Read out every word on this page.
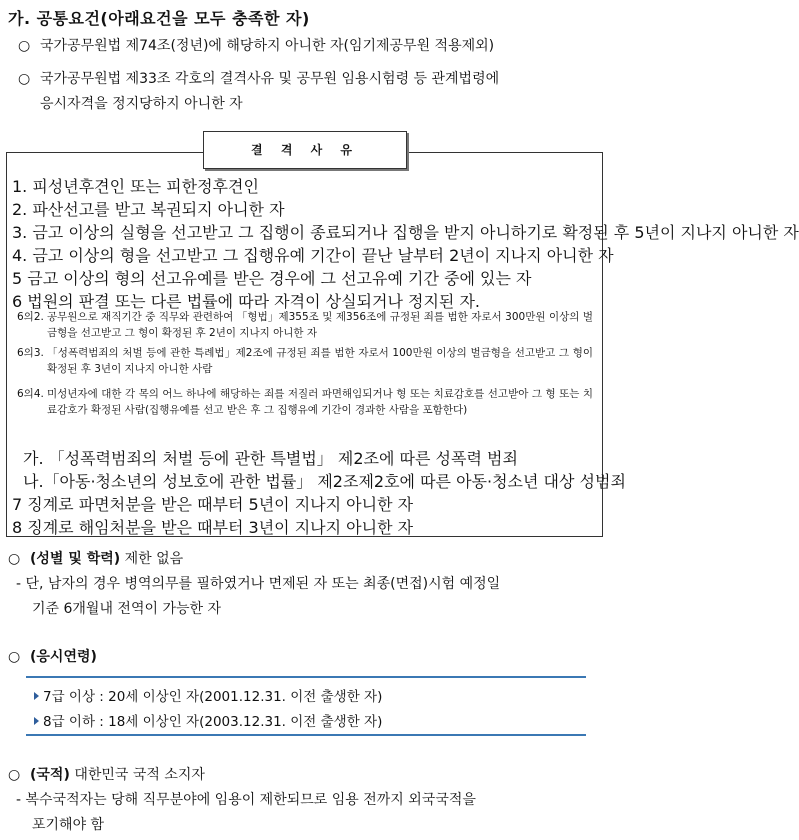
가. 공통요건(아래요건을 모두 충족한 자)
○ 국가공무원법 제74조(정년)에 해당하지 아니한 자(임기제공무원 적용제외)
○ 국가공무원법 제33조 각호의 결격사유 및 공무원 임용시험령 등 관계법령에
응시자격을 정지당하지 아니한 자
결 격 사 유
1. 피성년후견인 또는 피한정후견인
2. 파산선고를 받고 복권되지 아니한 자
3. 금고 이상의 실형을 선고받고 그 집행이 종료되거나 집행을 받지 아니하기로 확정된 후 5년이 지나지 아니한 자
4. 금고 이상의 형을 선고받고 그 집행유예 기간이 끝난 날부터 2년이 지나지 아니한 자
5 금고 이상의 형의 선고유예를 받은 경우에 그 선고유예 기간 중에 있는 자
6 법원의 판결 또는 다른 법률에 따라 자격이 상실되거나 정지된 자.
6의2. 공무원으로 재직기간 중 직무와 관련하여 「형법」제355조 및 제356조에 규정된 죄를 범한 자로서 300만원 이상의 벌금형을 선고받고 그 형이 확정된 후 2년이 지나지 아니한 자
6의3. 「성폭력범죄의 처벌 등에 관한 특례법」제2조에 규정된 죄를 범한 자로서 100만원 이상의 벌금형을 선고받고 그 형이 확정된 후 3년이 지나지 아니한 사람
6의4. 미성년자에 대한 각 목의 어느 하나에 해당하는 죄를 저질러 파면해임되거나 형 또는 치료감호를 선고받아 그 형 또는 치료감호가 확정된 사람(집행유예를 선고 받은 후 그 집행유예 기간이 경과한 사람을 포함한다)
가. 「성폭력범죄의 처벌 등에 관한 특별법」 제2조에 따른 성폭력 범죄
나.「아동·청소년의 성보호에 관한 법률」 제2조제2호에 따른 아동·청소년 대상 성범죄
7 징계로 파면처분을 받은 때부터 5년이 지나지 아니한 자
8 징계로 해임처분을 받은 때부터 3년이 지나지 아니한 자
○ (성별 및 학력) 제한 없음
- 단, 남자의 경우 병역의무를 필하였거나 면제된 자 또는 최종(면접)시험 예정일
기준 6개월내 전역이 가능한 자
○ (응시연령)
7급 이상 : 20세 이상인 자(2001.12.31. 이전 출생한 자)
8급 이하 : 18세 이상인 자(2003.12.31. 이전 출생한 자)
○ (국적) 대한민국 국적 소지자
- 복수국적자는 당해 직무분야에 임용이 제한되므로 임용 전까지 외국국적을
포기해야 함
